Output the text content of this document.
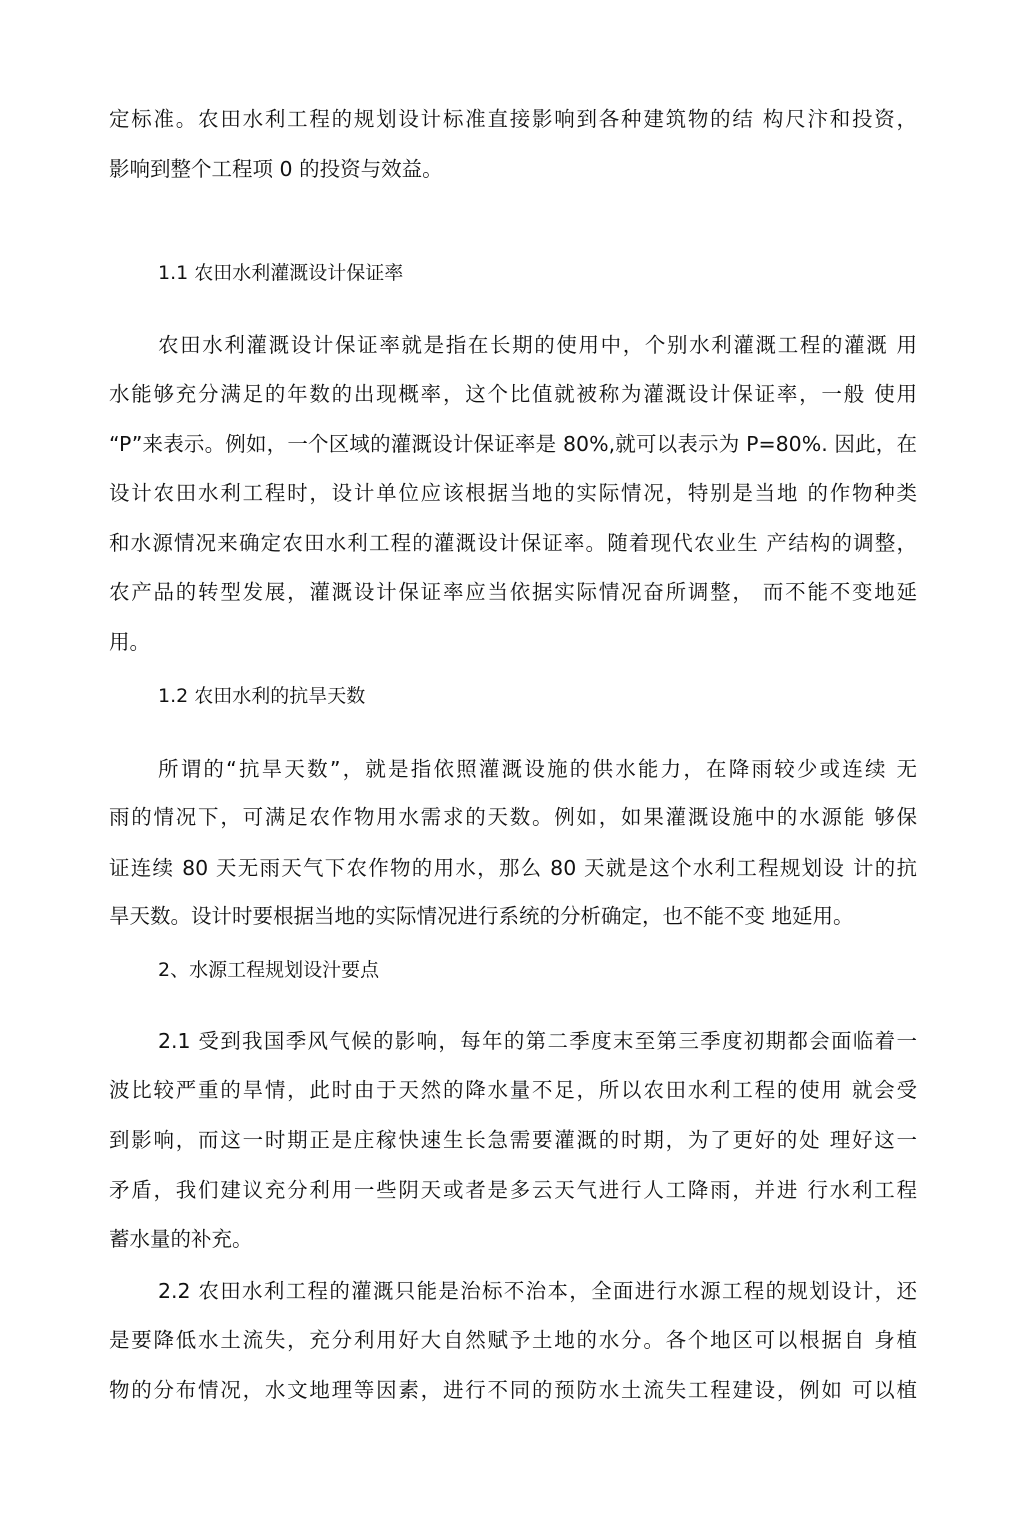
定标准。农田水利工程的规划设计标准直接影响到各种建筑物的结 构尺汴和投资，
影响到整个工程项 0 的投资与效益。
1.1 农田水利灌溉设计保证率
农田水利灌溉设计保证率就是指在长期的使用中，个别水利灌溉工程的灌溉 用
水能够充分满足的年数的出现概率，这个比值就被称为灌溉设计保证率，一般 使用
“P”来表示。例如，一个区域的灌溉设计保证率是 80%,就可以表示为 P=80%. 因此，在
设计农田水利工程时，设计单位应该根据当地的实际情况，特别是当地 的作物种类
和水源情况来确定农田水利工程的灌溉设计保证率。随着现代农业生 产结构的调整，
农产品的转型发展，灌溉设计保证率应当依据实际情况奋所调整， 而不能不变地延
用。
1.2 农田水利的抗旱天数
所谓的“抗旱天数”，就是指依照灌溉设施的供水能力，在降雨较少或连续 无
雨的情况下，可满足农作物用水需求的天数。例如，如果灌溉设施中的水源能 够保
证连续 80 天无雨天气下农作物的用水，那么 80 天就是这个水利工程规划设 计的抗
旱天数。设计时要根据当地的实际情况进行系统的分析确定，也不能不变 地延用。
2、水源工程规划设汁要点
2.1 受到我国季风气候的影响，每年的第二季度末至第三季度初期都会面临着一
波比较严重的旱情，此时由于天然的降水量不足，所以农田水利工程的使用 就会受
到影响，而这一时期正是庄稼快速生长急需要灌溉的时期，为了更好的处 理好这一
矛盾，我们建议充分利用一些阴天或者是多云天气进行人工降雨，并进 行水利工程
蓄水量的补充。
2.2 农田水利工程的灌溉只能是治标不治本，全面进行水源工程的规划设计，还
是要降低水土流失，充分利用好大自然赋予土地的水分。各个地区可以根据自 身植
物的分布情况，水文地理等因素，进行不同的预防水土流失工程建设，例如 可以植
